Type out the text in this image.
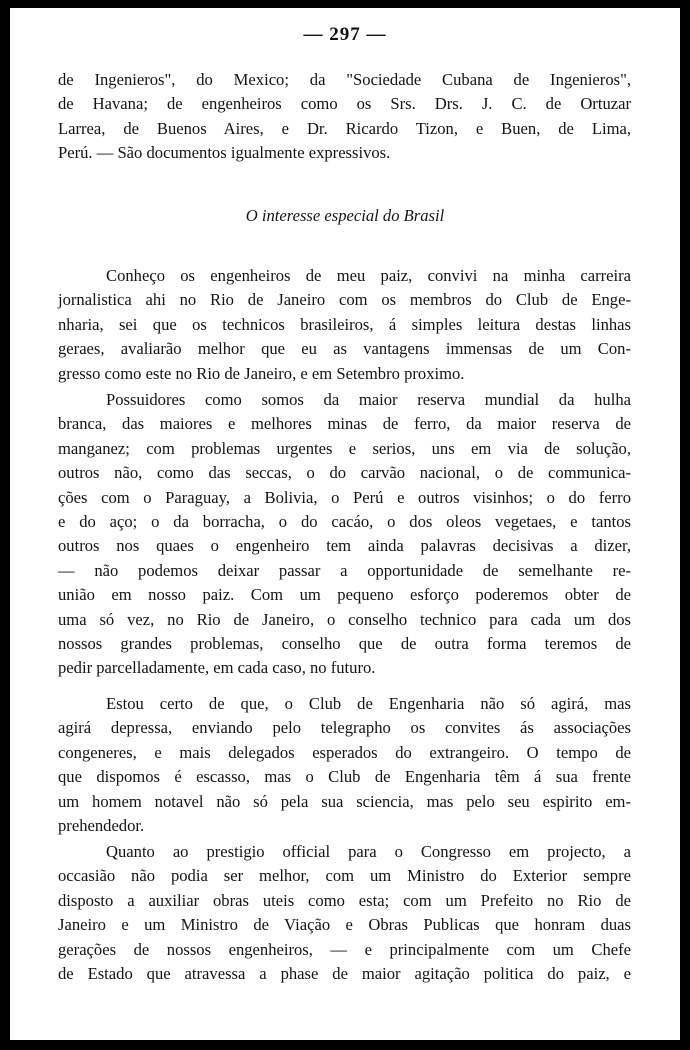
— 297 —
de Ingenieros", do Mexico; da "Sociedade Cubana de Ingenieros",
de Havana; de engenheiros como os Srs. Drs. J. C. de Ortuzar
Larrea, de Buenos Aires, e Dr. Ricardo Tizon, e Buen, de Lima,
Perú. — São documentos igualmente expressivos.
O interesse especial do Brasil
Conheço os engenheiros de meu paiz, convivi na minha carreira
jornalistica ahi no Rio de Janeiro com os membros do Club de Enge-
nharia, sei que os technicos brasileiros, á simples leitura destas linhas
geraes, avaliarão melhor que eu as vantagens immensas de um Con-
gresso como este no Rio de Janeiro, e em Setembro proximo.
Possuidores como somos da maior reserva mundial da hulha
branca, das maiores e melhores minas de ferro, da maior reserva de
manganez; com problemas urgentes e serios, uns em via de solução,
outros não, como das seccas, o do carvão nacional, o de communica-
ções com o Paraguay, a Bolivia, o Perú e outros visinhos; o do ferro
e do aço; o da borracha, o do cacáo, o dos oleos vegetaes, e tantos
outros nos quaes o engenheiro tem ainda palavras decisivas a dizer,
— não podemos deixar passar a opportunidade de semelhante re-
união em nosso paiz. Com um pequeno esforço poderemos obter de
uma só vez, no Rio de Janeiro, o conselho technico para cada um dos
nossos grandes problemas, conselho que de outra forma teremos de
pedir parcelladamente, em cada caso, no futuro.
Estou certo de que, o Club de Engenharia não só agirá, mas
agirá depressa, enviando pelo telegrapho os convites ás associações
congeneres, e mais delegados esperados do extrangeiro. O tempo de
que dispomos é escasso, mas o Club de Engenharia têm á sua frente
um homem notavel não só pela sua sciencia, mas pelo seu espirito em-
prehendedor.
Quanto ao prestigio official para o Congresso em projecto, a
occasião não podia ser melhor, com um Ministro do Exterior sempre
disposto a auxiliar obras uteis como esta; com um Prefeito no Rio de
Janeiro e um Ministro de Viação e Obras Publicas que honram duas
gerações de nossos engenheiros, — e principalmente com um Chefe
de Estado que atravessa a phase de maior agitação politica do paiz, e
